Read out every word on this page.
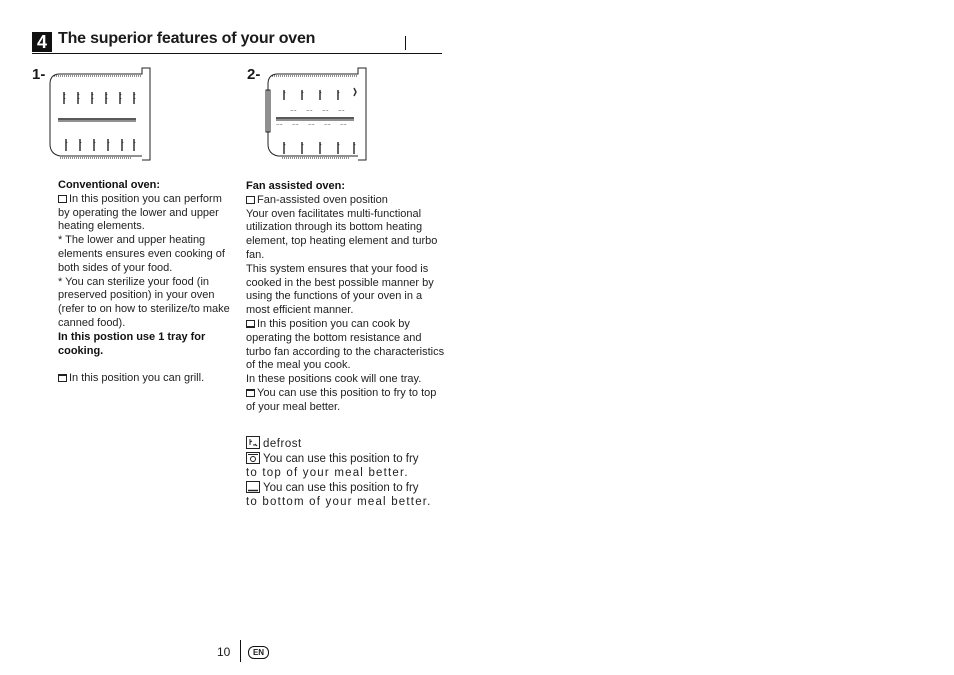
4 The superior features of your oven
1-	2-
~~ ~~ ~~ ~~
~~ ~~ ~~ ~~ ~~

Conventional oven:

In this position you can perform by operating the lower and upper heating elements.

* The lower and upper heating elements ensures even cooking of both sides of your food.

* You can sterilize your food (in preserved position) in your oven (refer to on how to sterilize/to make canned food).

In this postion use 1 tray for cooking.

In this position you can grill.

Fan assisted oven:

Fan-assisted oven position

Your oven facilitates multi-functional utilization through its bottom heating element, top heating element and turbo fan.

This system ensures that your food is cooked in the best possible manner by using the functions of your oven in a most efficient manner.

In this position you can cook by operating the bottom resistance and turbo fan according to the characteristics of the meal you cook.

In these positions cook will one tray.

You can use this position to fry to top of your meal better.

defrost

You can use this position to fry

to top of your meal better.

You can use this position to fry

to bottom of your meal better.

10	EN
